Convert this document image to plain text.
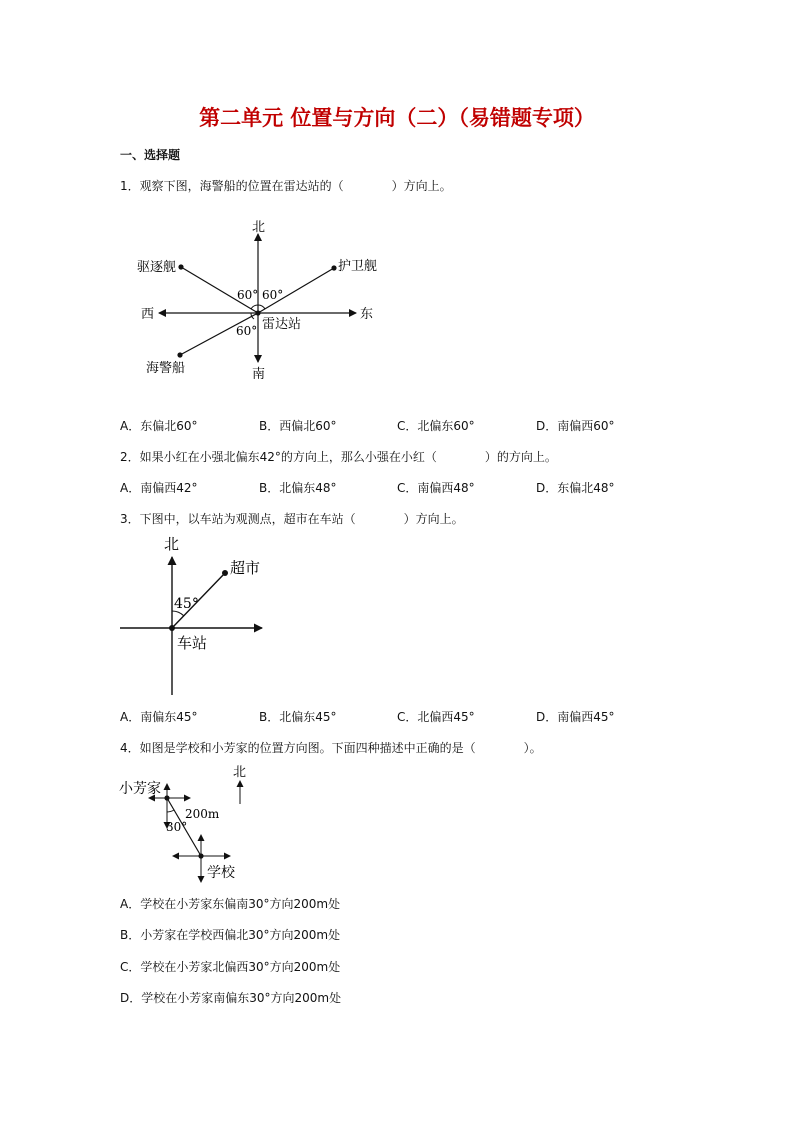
第二单元 位置与方向（二）（易错题专项）
一、选择题
1．观察下图，海警船的位置在雷达站的（	）方向上。
北
南
西	东
驱逐舰	护卫舰
雷达站
海警船
60° 60°
60°
A．东偏北60°	B．西偏北60°	C．北偏东60°	D．南偏西60°
2．如果小红在小强北偏东42°的方向上，那么小强在小红（	）的方向上。
A．南偏西42°	B．北偏东48°	C．南偏西48°	D．东偏北48°
3．下图中，以车站为观测点，超市在车站（	）方向上。
北
超市
车站
45°
A．南偏东45°	B．北偏东45°	C．北偏西45°	D．南偏西45°
4．如图是学校和小芳家的位置方向图。下面四种描述中正确的是（	）。
北
小芳家
学校
200m
30°
A．学校在小芳家东偏南30°方向200m处
B．小芳家在学校西偏北30°方向200m处
C．学校在小芳家北偏西30°方向200m处
D．学校在小芳家南偏东30°方向200m处
